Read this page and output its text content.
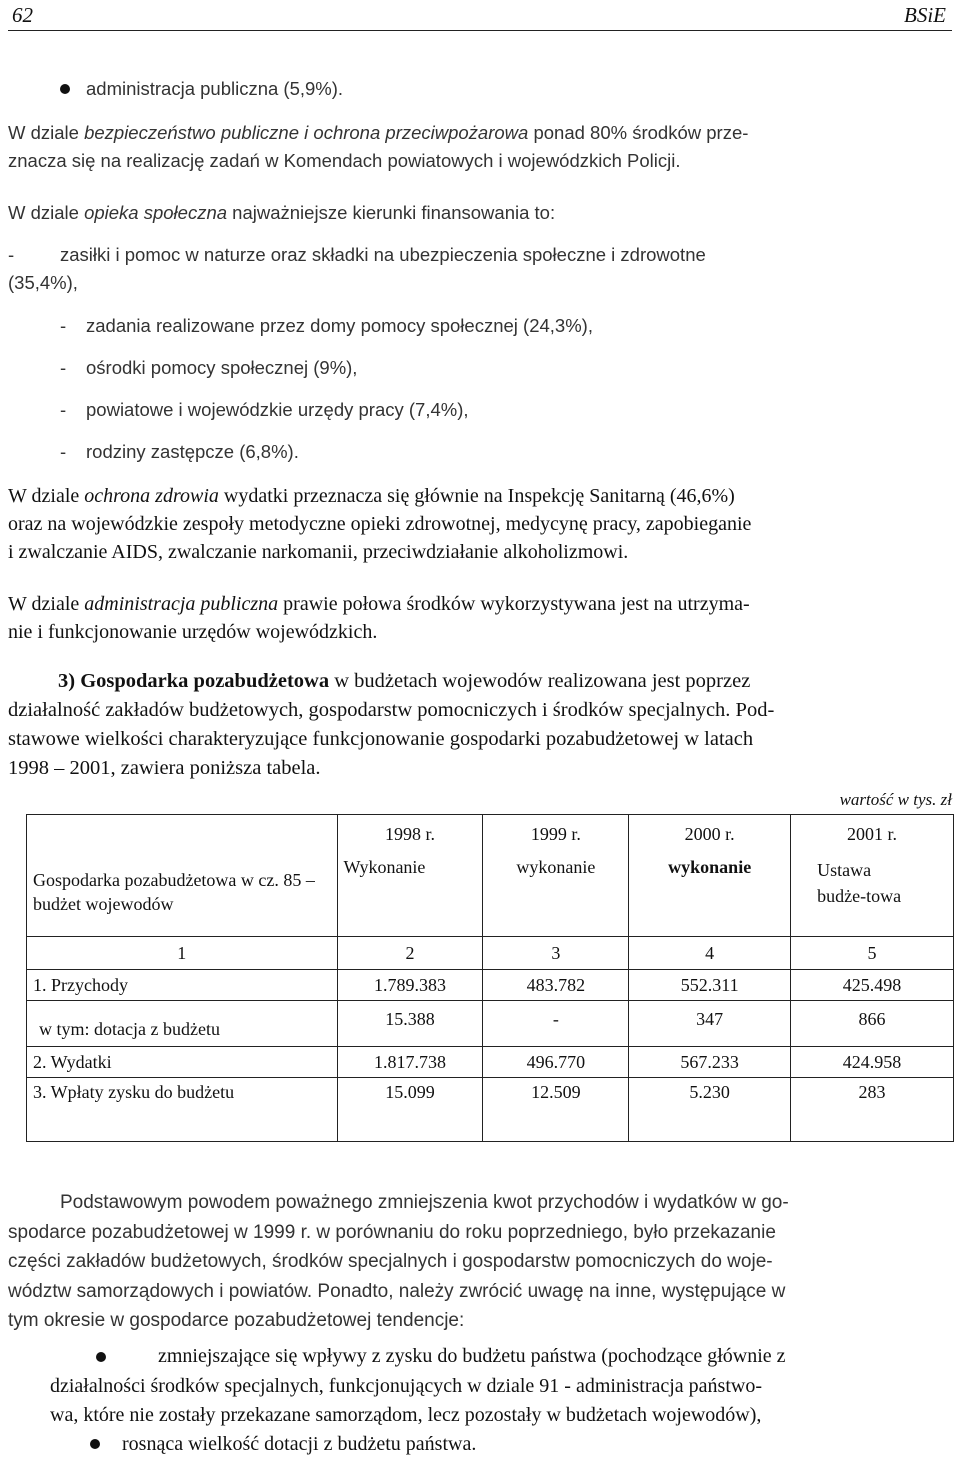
62	BSiE
administracja publiczna (5,9%).
W dziale bezpieczeństwo publiczne i ochrona przeciwpożarowa ponad 80% środków prze-
znacza się na realizację zadań w Komendach powiatowych i wojewódzkich Policji.
W dziale opieka społeczna najważniejsze kierunki finansowania to:
- zasiłki i pomoc w naturze oraz składki na ubezpieczenia społeczne i zdrowotne
(35,4%),
- zadania realizowane przez domy pomocy społecznej (24,3%),
- ośrodki pomocy społecznej (9%),
- powiatowe i wojewódzkie urzędy pracy (7,4%),
- rodziny zastępcze (6,8%).
W dziale ochrona zdrowia wydatki przeznacza się głównie na Inspekcję Sanitarną (46,6%)
oraz na wojewódzkie zespoły metodyczne opieki zdrowotnej, medycynę pracy, zapobieganie
i zwalczanie AIDS, zwalczanie narkomanii, przeciwdziałanie alkoholizmowi.
W dziale administracja publiczna prawie połowa środków wykorzystywana jest na utrzyma-
nie i funkcjonowanie urzędów wojewódzkich.
3) Gospodarka pozabudżetowa w budżetach wojewodów realizowana jest poprzez
działalność zakładów budżetowych, gospodarstw pomocniczych i środków specjalnych. Pod-
stawowe wielkości charakteryzujące funkcjonowanie gospodarki pozabudżetowej w latach
1998 – 2001, zawiera poniższa tabela.
wartość w tys. zł
Gospodarka pozabudżetowa w cz. 85 – budżet wojewodów	1998 r.	1999 r.	2000 r.	2001 r.
	Wykonanie	wykonanie	wykonanie	Ustawa budże-towa
1	2	3	4	5
1. Przychody	1.789.383	483.782	552.311	425.498
w tym: dotacja z budżetu	15.388	-	347	866
2. Wydatki	1.817.738	496.770	567.233	424.958
3. Wpłaty zysku do budżetu	15.099	12.509	5.230	283
Podstawowym powodem poważnego zmniejszenia kwot przychodów i wydatków w go-
spodarce pozabudżetowej w 1999 r. w porównaniu do roku poprzedniego, było przekazanie
części zakładów budżetowych, środków specjalnych i gospodarstw pomocniczych do woje-
wództw samorządowych i powiatów. Ponadto, należy zwrócić uwagę na inne, występujące w
tym okresie w gospodarce pozabudżetowej tendencje:
zmniejszające się wpływy z zysku do budżetu państwa (pochodzące głównie z
działalności środków specjalnych, funkcjonujących w dziale 91 - administracja państwo-
wa, które nie zostały przekazane samorządom, lecz pozostały w budżetach wojewodów),
rosnąca wielkość dotacji z budżetu państwa.
